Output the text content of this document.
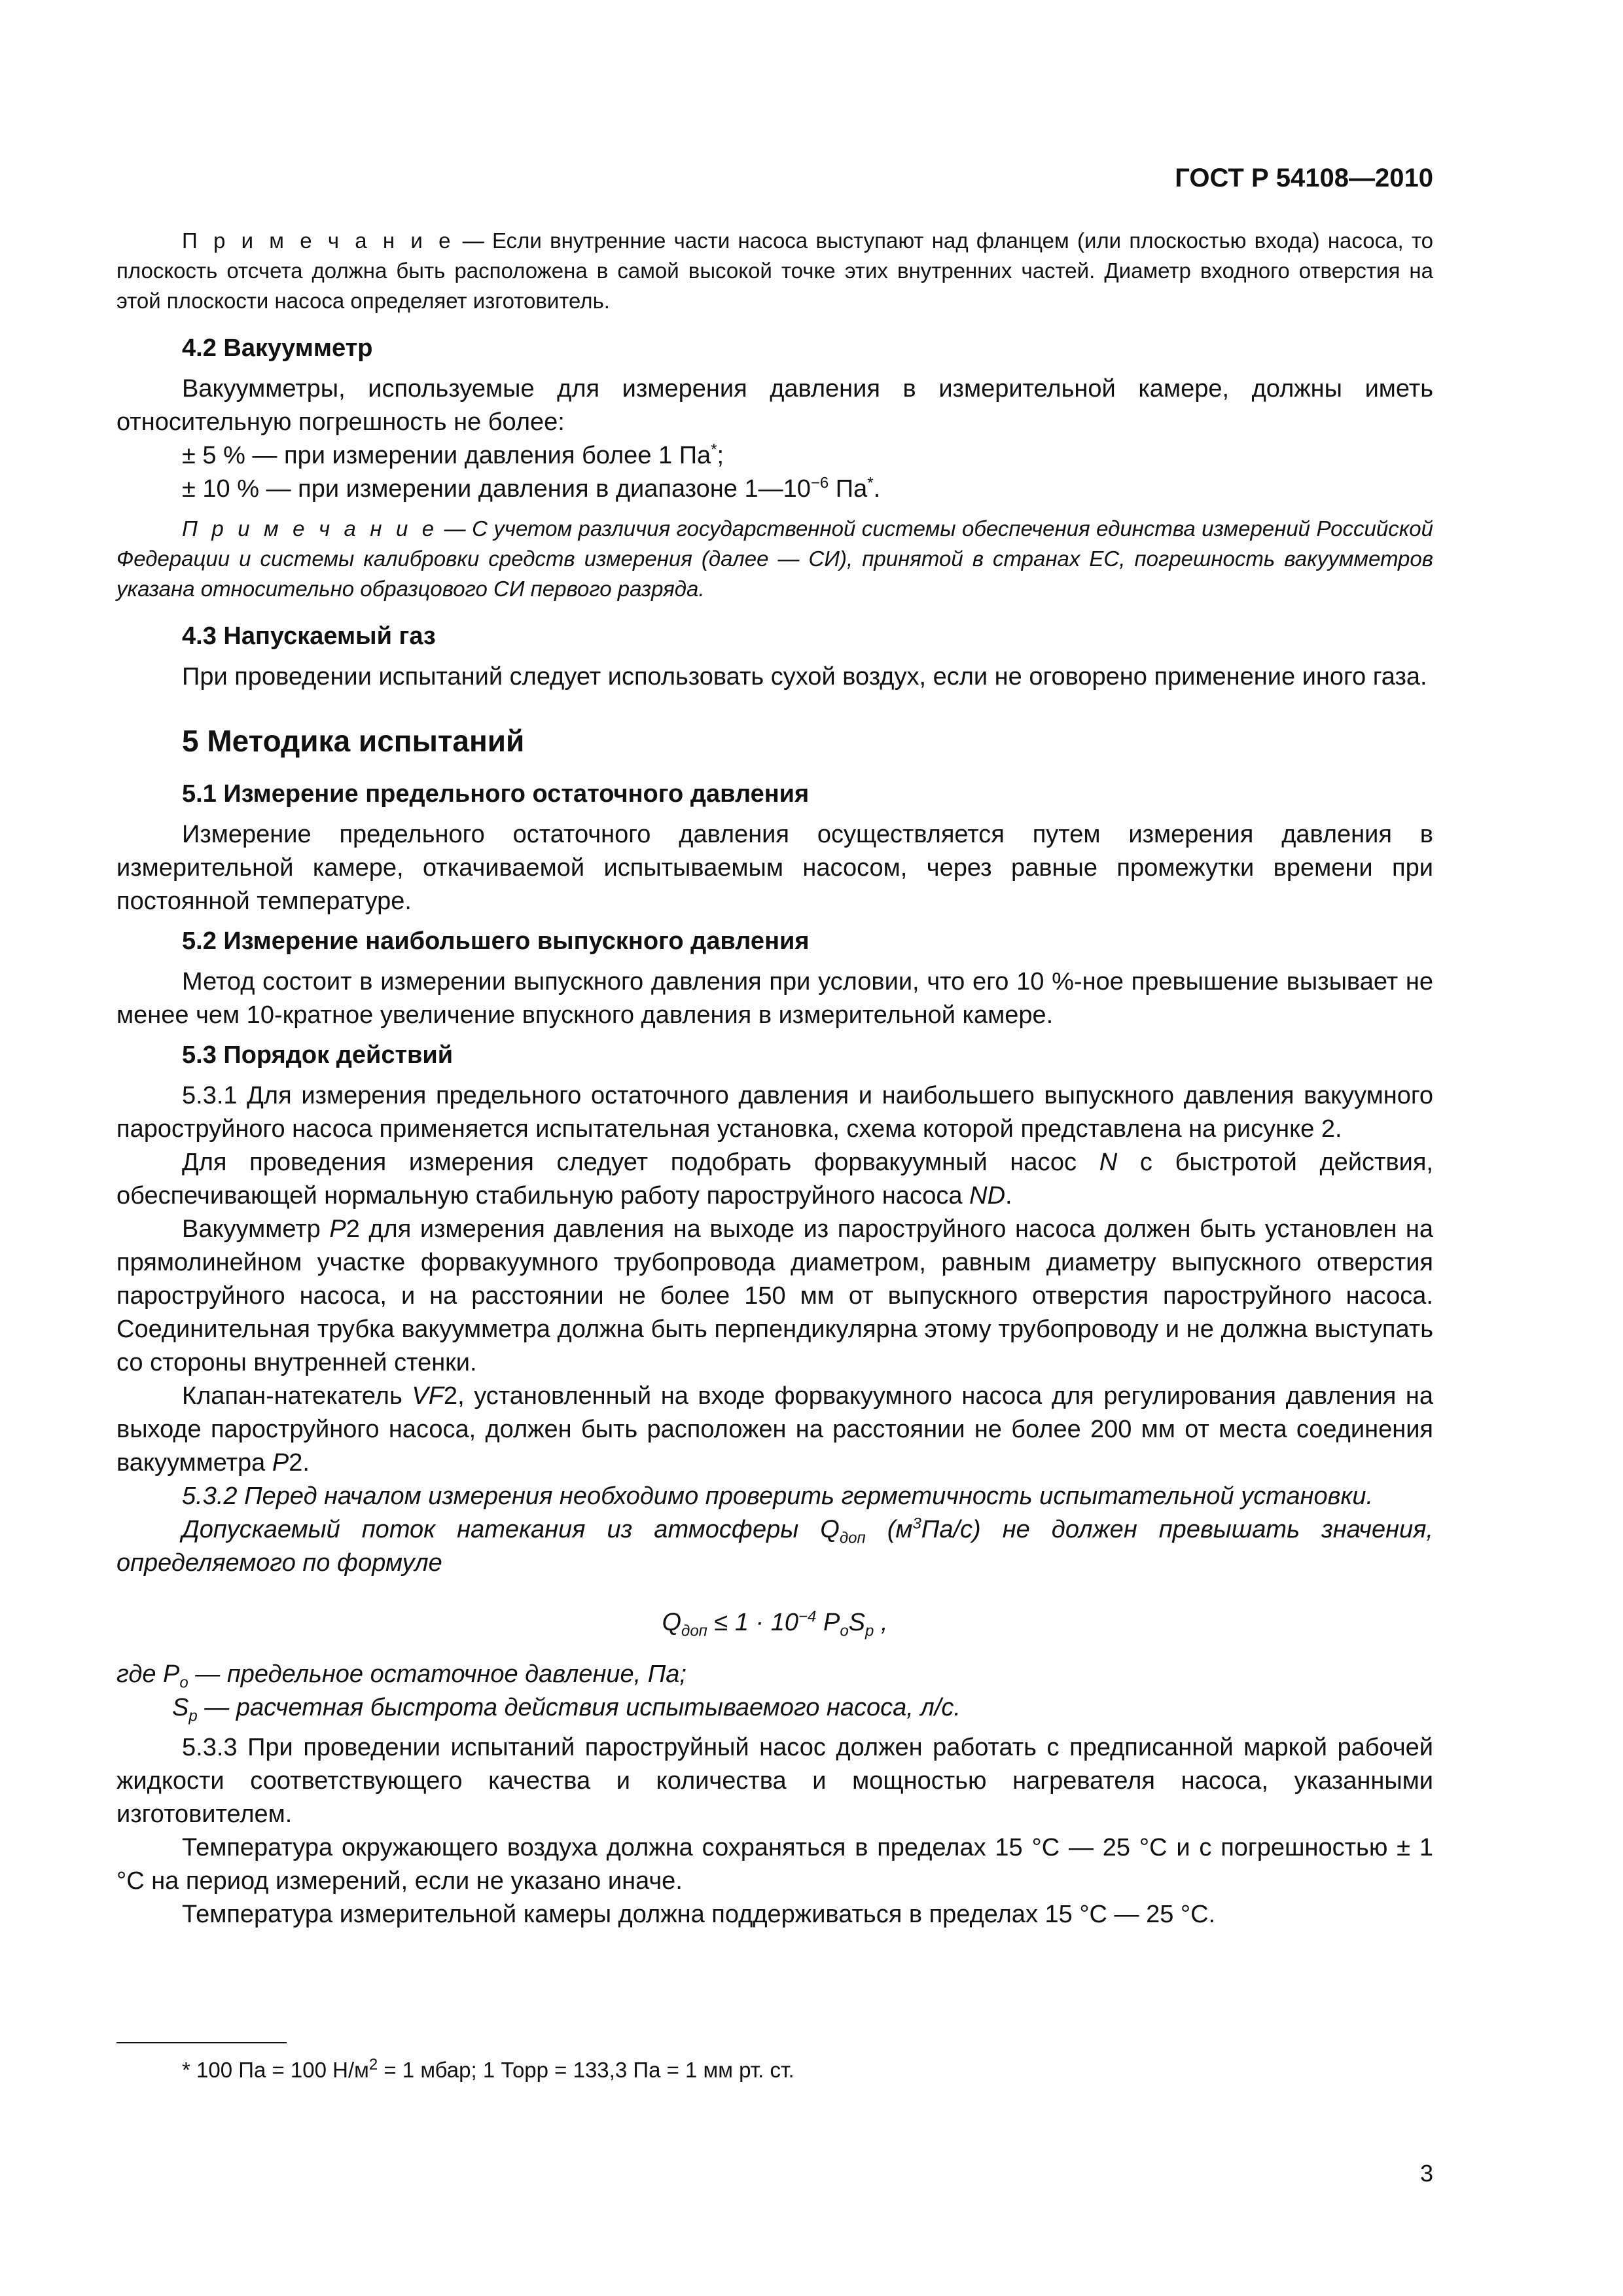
ГОСТ Р 54108—2010

П р и м е ч а н и е — Если внутренние части насоса выступают над фланцем (или плоскостью входа) насоса, то плоскость отсчета должна быть расположена в самой высокой точке этих внутренних частей. Диаметр входного отверстия на этой плоскости насоса определяет изготовитель.

4.2 Вакуумметр

Вакуумметры, используемые для измерения давления в измерительной камере, должны иметь относительную погрешность не более:

± 5 % — при измерении давления более 1 Па*;

± 10 % — при измерении давления в диапазоне $1—10^{-6}$ Па*.

П р и м е ч а н и е — С учетом различия государственной системы обеспечения единства измерений Российской Федерации и системы калибровки средств измерения (далее — СИ), принятой в странах ЕС, погрешность вакуумметров указана относительно образцового СИ первого разряда.

4.3 Напускаемый газ

При проведении испытаний следует использовать сухой воздух, если не оговорено применение иного газа.

5 Методика испытаний
5.1 Измерение предельного остаточного давления

Измерение предельного остаточного давления осуществляется путем измерения давления в измерительной камере, откачиваемой испытываемым насосом, через равные промежутки времени при постоянной температуре.

5.2 Измерение наибольшего выпускного давления

Метод состоит в измерении выпускного давления при условии, что его 10 %-ное превышение вызывает не менее чем 10-кратное увеличение впускного давления в измерительной камере.

5.3 Порядок действий

5.3.1 Для измерения предельного остаточного давления и наибольшего выпускного давления вакуумного пароструйного насоса применяется испытательная установка, схема которой представлена на рисунке 2.

Для проведения измерения следует подобрать форвакуумный насос N с быстротой действия, обеспечивающей нормальную стабильную работу пароструйного насоса ND.

Вакуумметр P2 для измерения давления на выходе из пароструйного насоса должен быть установлен на прямолинейном участке форвакуумного трубопровода диаметром, равным диаметру выпускного отверстия пароструйного насоса, и на расстоянии не более 150 мм от выпускного отверстия пароструйного насоса. Соединительная трубка вакуумметра должна быть перпендикулярна этому трубопроводу и не должна выступать со стороны внутренней стенки.

Клапан-натекатель VF2, установленный на входе форвакуумного насоса для регулирования давления на выходе пароструйного насоса, должен быть расположен на расстоянии не более 200 мм от места соединения вакуумметра P2.

5.3.2 Перед началом измерения необходимо проверить герметичность испытательной установки.

Допускаемый поток натекания из атмосферы $Q_{доп}$ $(м^3Па/с)$ не должен превышать значения, определяемого по формуле

$Q_{доп} \le 1 \cdot 10^{-4}$ $P_oS_p$ ,

где $P_o$ — предельное остаточное давление, Па;

$S_p$ — расчетная быстрота действия испытываемого насоса, л/с.

5.3.3 При проведении испытаний пароструйный насос должен работать с предписанной маркой рабочей жидкости соответствующего качества и количества и мощностью нагревателя насоса, указанными изготовителем.

Температура окружающего воздуха должна сохраняться в пределах 15 °С — 25 °С и с погрешностью ± 1 °С на период измерений, если не указано иначе.

Температура измерительной камеры должна поддерживаться в пределах 15 °С — 25 °С.

* 100 Па = 100 $Н/м^2 = 1$ мбар; 1 Торр = 133,3 Па = 1 мм рт. ст.
3
